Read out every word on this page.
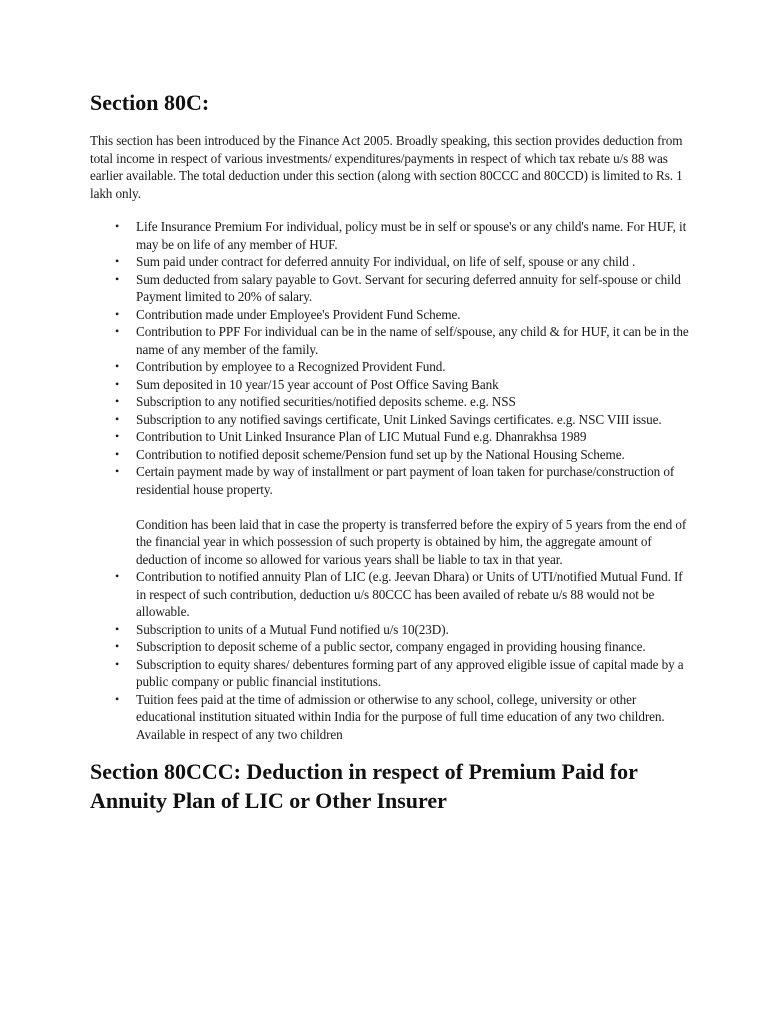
Section 80C:

This section has been introduced by the Finance Act 2005. Broadly speaking, this section provides deduction from total income in respect of various investments/ expenditures/payments in respect of which tax rebate u/s 88 was earlier available. The total deduction under this section (along with section 80CCC and 80CCD) is limited to Rs. 1 lakh only.

• Life Insurance Premium For individual, policy must be in self or spouse's or any child's name. For HUF, it may be on life of any member of HUF.
• Sum paid under contract for deferred annuity For individual, on life of self, spouse or any child .
• Sum deducted from salary payable to Govt. Servant for securing deferred annuity for self-spouse or child Payment limited to 20% of salary.
• Contribution made under Employee's Provident Fund Scheme.
• Contribution to PPF For individual can be in the name of self/spouse, any child & for HUF, it can be in the name of any member of the family.
• Contribution by employee to a Recognized Provident Fund.
• Sum deposited in 10 year/15 year account of Post Office Saving Bank
• Subscription to any notified securities/notified deposits scheme. e.g. NSS
• Subscription to any notified savings certificate, Unit Linked Savings certificates. e.g. NSC VIII issue.
• Contribution to Unit Linked Insurance Plan of LIC Mutual Fund e.g. Dhanrakhsa 1989
• Contribution to notified deposit scheme/Pension fund set up by the National Housing Scheme.
• Certain payment made by way of installment or part payment of loan taken for purchase/construction of residential house property.
Condition has been laid that in case the property is transferred before the expiry of 5 years from the end of the financial year in which possession of such property is obtained by him, the aggregate amount of deduction of income so allowed for various years shall be liable to tax in that year.
• Contribution to notified annuity Plan of LIC (e.g. Jeevan Dhara) or Units of UTI/notified Mutual Fund. If in respect of such contribution, deduction u/s 80CCC has been availed of rebate u/s 88 would not be allowable.
• Subscription to units of a Mutual Fund notified u/s 10(23D).
• Subscription to deposit scheme of a public sector, company engaged in providing housing finance.
• Subscription to equity shares/ debentures forming part of any approved eligible issue of capital made by a public company or public financial institutions.
• Tuition fees paid at the time of admission or otherwise to any school, college, university or other educational institution situated within India for the purpose of full time education of any two children. Available in respect of any two children
Section 80CCC: Deduction in respect of Premium Paid for Annuity Plan of LIC or Other Insurer
